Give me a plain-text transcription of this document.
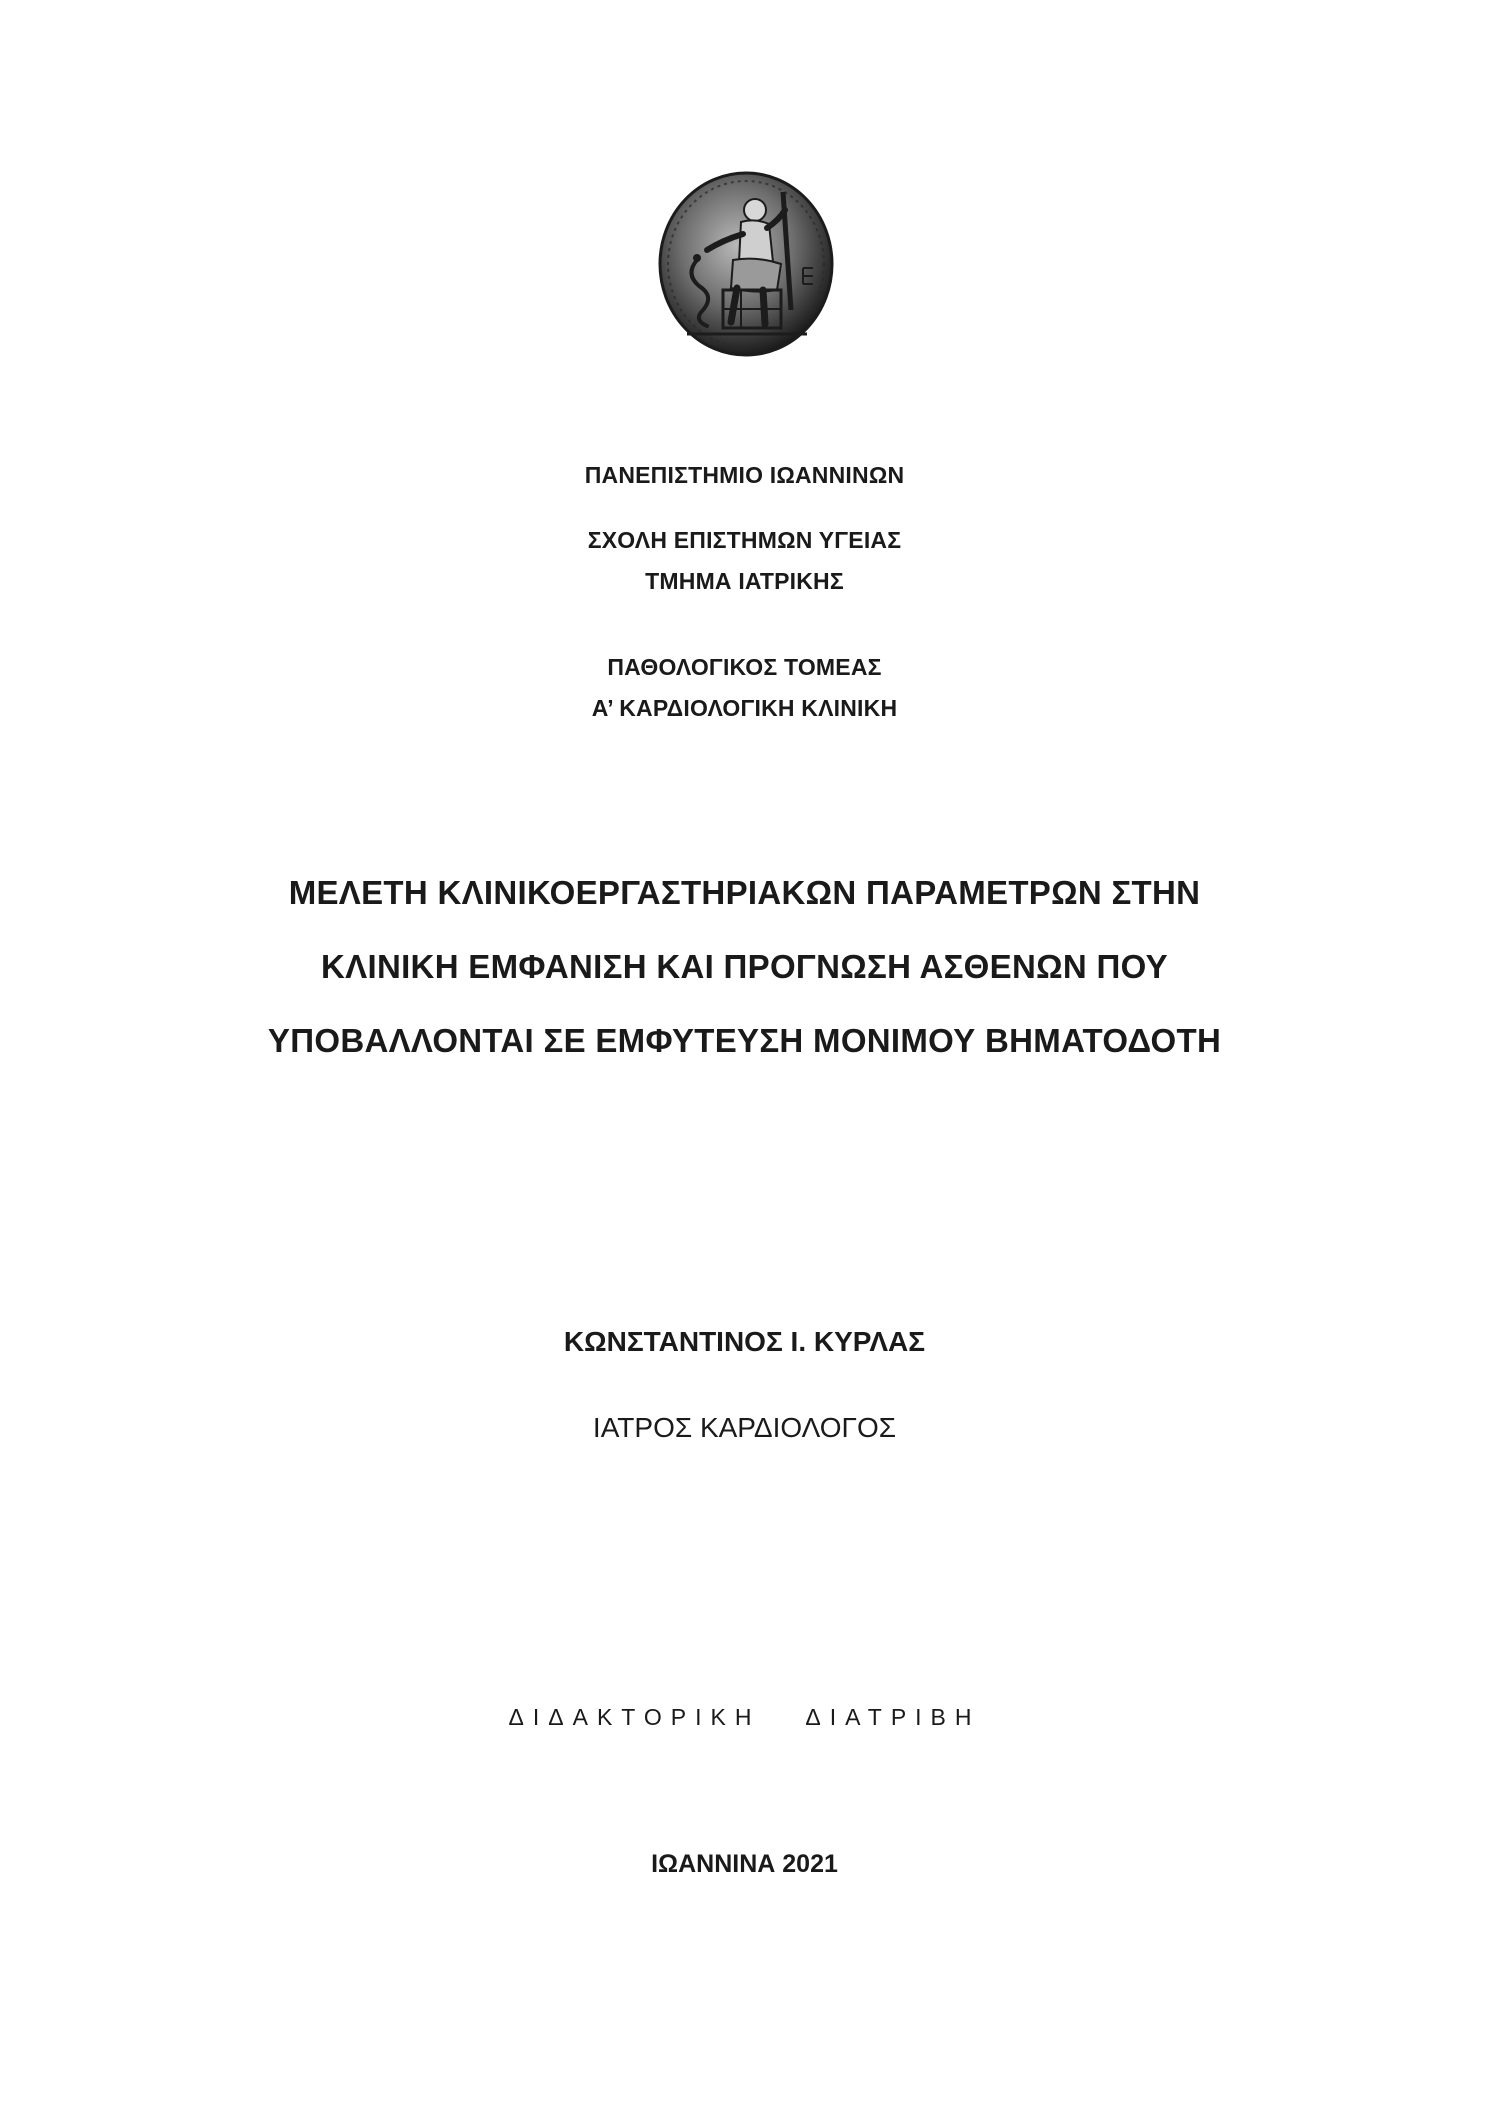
ΠΑΝΕΠΙΣΤΗΜΙΟ ΙΩΑΝΝΙΝΩΝ
ΣΧΟΛΗ ΕΠΙΣΤΗΜΩΝ ΥΓΕΙΑΣ
ΤΜΗΜΑ ΙΑΤΡΙΚΗΣ
ΠΑΘΟΛΟΓΙΚΟΣ ΤΟΜΕΑΣ
Α’ ΚΑΡΔΙΟΛΟΓΙΚΗ ΚΛΙΝΙΚΗ
ΜΕΛΕΤΗ ΚΛΙΝΙΚΟΕΡΓΑΣΤΗΡΙΑΚΩΝ ΠΑΡΑΜΕΤΡΩΝ ΣΤΗΝ
ΚΛΙΝΙΚΗ ΕΜΦΑΝΙΣΗ ΚΑΙ ΠΡΟΓΝΩΣΗ ΑΣΘΕΝΩΝ ΠΟΥ
ΥΠΟΒΑΛΛΟΝΤΑΙ ΣΕ ΕΜΦΥΤΕΥΣΗ ΜΟΝΙΜΟΥ ΒΗΜΑΤΟΔΟΤΗ
ΚΩΝΣΤΑΝΤΙΝΟΣ Ι. ΚΥΡΛΑΣ
ΙΑΤΡΟΣ ΚΑΡΔΙΟΛΟΓΟΣ
ΔΙΔΑΚΤΟΡΙΚΗ   ΔΙΑΤΡΙΒΗ
ΙΩΑΝΝΙΝΑ 2021
